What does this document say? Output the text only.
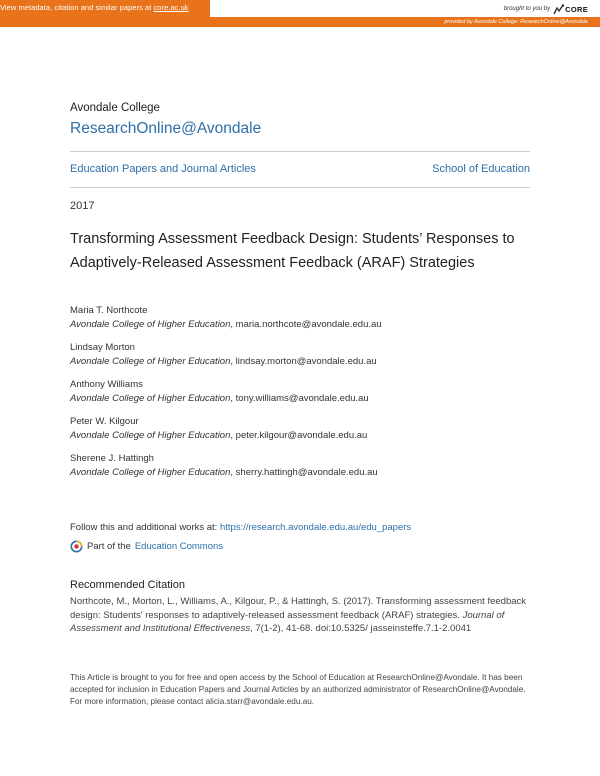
View metadata, citation and similar papers at core.ac.uk	brought to you by CORE
provided by Avondale College: ResearchOnline@Avondale
Avondale College
ResearchOnline@Avondale
Education Papers and Journal Articles	School of Education
2017
Transforming Assessment Feedback Design: Students’ Responses to Adaptively-Released Assessment Feedback (ARAF) Strategies
Maria T. Northcote
Avondale College of Higher Education, maria.northcote@avondale.edu.au
Lindsay Morton
Avondale College of Higher Education, lindsay.morton@avondale.edu.au
Anthony Williams
Avondale College of Higher Education, tony.williams@avondale.edu.au
Peter W. Kilgour
Avondale College of Higher Education, peter.kilgour@avondale.edu.au
Sherene J. Hattingh
Avondale College of Higher Education, sherry.hattingh@avondale.edu.au
Follow this and additional works at: https://research.avondale.edu.au/edu_papers
Part of the Education Commons
Recommended Citation
Northcote, M., Morton, L., Williams, A., Kilgour, P., & Hattingh, S. (2017). Transforming assessment feedback design: Students' responses to adaptively-released assessment feedback (ARAF) strategies. Journal of Assessment and Institutional Effectiveness, 7(1-2), 41-68. doi:10.5325/ jasseinsteffe.7.1-2.0041
This Article is brought to you for free and open access by the School of Education at ResearchOnline@Avondale. It has been accepted for inclusion in Education Papers and Journal Articles by an authorized administrator of ResearchOnline@Avondale. For more information, please contact alicia.starr@avondale.edu.au.
